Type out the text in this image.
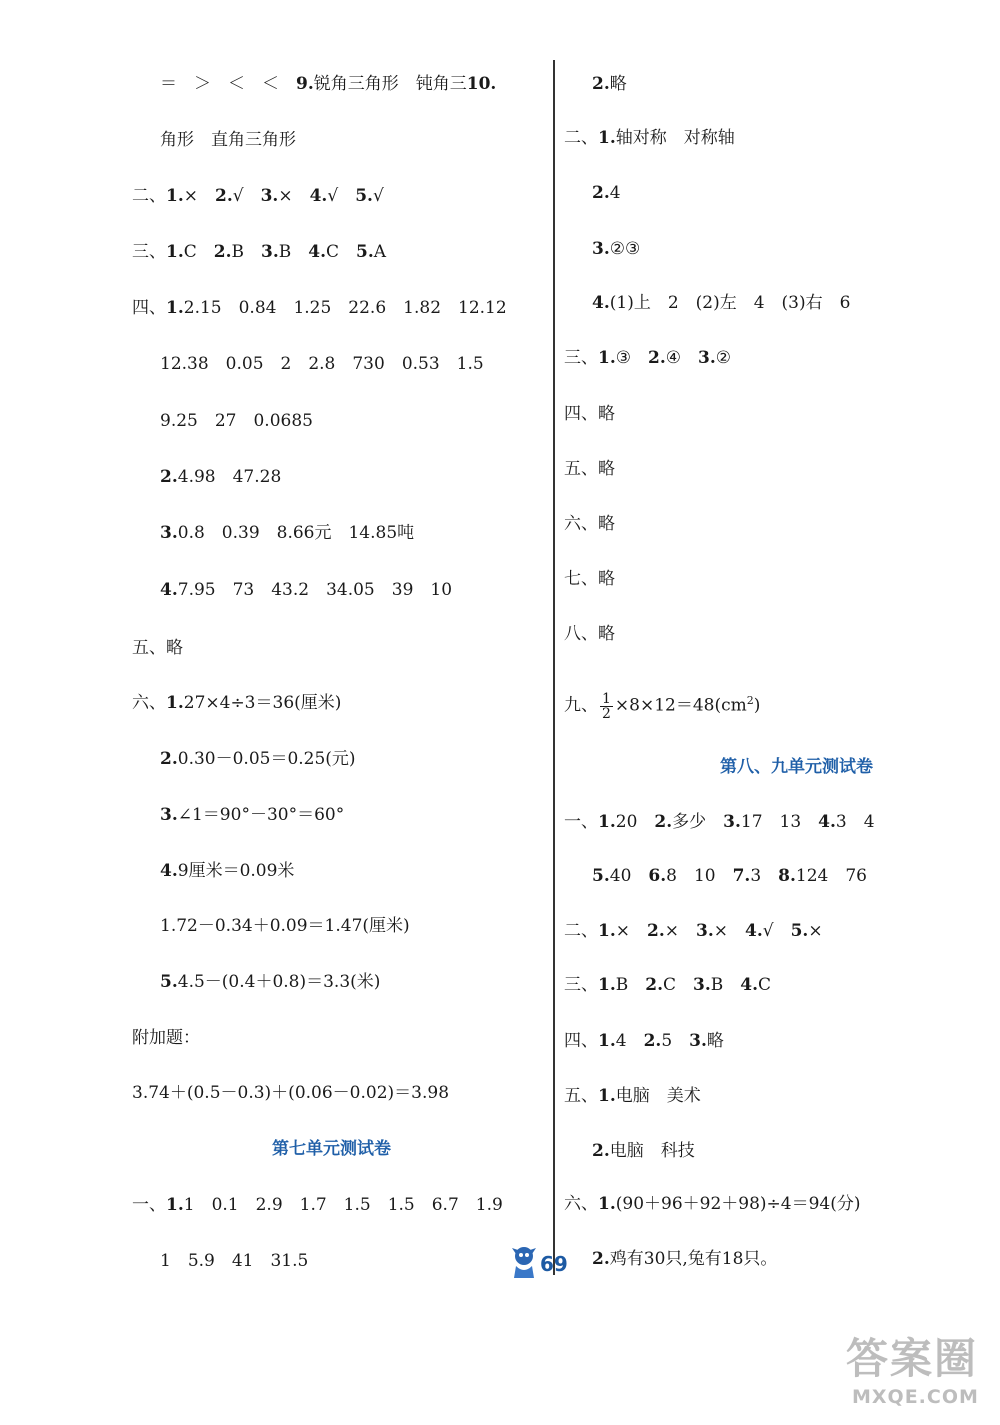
＝　＞　＜　＜　9.锐角三角形　钝角三10.
角形　直角三角形
二、1.×　2.√　3.×　4.√　5.√
三、1.C　2.B　3.B　4.C　5.A
四、1.2.15　0.84　1.25　22.6　1.82　12.12
12.38　0.05　2　2.8　730　0.53　1.5
9.25　27　0.0685
2.4.98　47.28
3.0.8　0.39　8.66元　14.85吨
4.7.95　73　43.2　34.05　39　10
五、略
六、1.27×4÷3＝36(厘米)
2.0.30－0.05＝0.25(元)
3.∠1＝90°－30°＝60°
4.9厘米＝0.09米
1.72－0.34＋0.09＝1.47(厘米)
5.4.5－(0.4＋0.8)＝3.3(米)
附加题：
3.74＋(0.5－0.3)＋(0.06－0.02)＝3.98
一、1.1　0.1　2.9　1.7　1.5　1.5　6.7　1.9
1　5.9　41　31.5
第七单元测试卷
2.略
二、1.轴对称　对称轴
2.4
3.②③
4.(1)上　2　(2)左　4　(3)右　6
三、1.③　2.④　3.②
四、略
五、略
六、略
七、略
八、略
一、1.20　2.多少　3.17　13　4.3　4
5.40　6.8　10　7.3　8.124　76
二、1.×　2.×　3.×　4.√　5.×
三、1.B　2.C　3.B　4.C
四、1.4　2.5　3.略
五、1.电脑　美术
2.电脑　科技
六、1.(90＋96＋92＋98)÷4＝94(分)
2.鸡有30只,兔有18只。
第八、九单元测试卷
九、 $\frac{1}{2} \times 8\times 12=48(cm^2)$
69
答案圈
MXQE.COM
